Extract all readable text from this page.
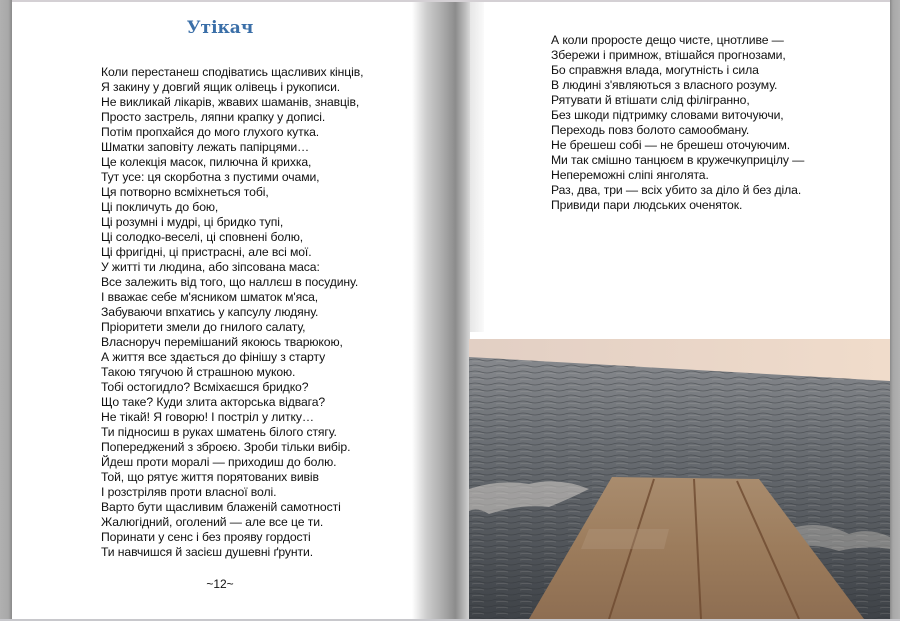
Утікач
Коли перестанеш сподіватись щасливих кінців,
Я закину у довгий ящик олівець і рукописи.
Не викликай лікарів, жвавих шаманів, знавців,
Просто застрель, ляпни крапку у дописі.
Потім пропхайся до мого глухого кутка.
Шматки заповіту лежать папірцями…
Це колекція масок, пилючна й крихка,
Тут усе: ця скорботна з пустими очами,
Ця потворно всміхнеться тобі,
Ці покличуть до бою,
Ці розумні і мудрі, ці бридко тупі,
Ці солодко-веселі, ці сповнені болю,
Ці фригідні, ці пристрасні, але всі мої.
У житті ти людина, або зіпсована маса:
Все залежить від того, що наллєш в посудину.
І вважає себе м'ясником шматок м'яса,
Забуваючи впхатись у капсулу людяну.
Пріоритети змели до гнилого салату,
Власноруч перемішаний якоюсь тварюкою,
А життя все здається до фінішу з старту
Такою тягучою й страшною мукою.
Тобі остогидло? Всміхаєшся бридко?
Що таке? Куди злита акторська відвага?
Не тікай! Я говорю! І постріл у литку…
Ти підносиш в руках шматень білого стягу.
Попереджений з зброєю. Зроби тільки вибір.
Йдеш проти моралі — приходиш до болю.
Той, що рятує життя порятованих вивів
І розстріляв проти власної волі.
Варто бути щасливим блаженій самотності
Жалюгідний, оголений — але все це ти.
Поринати у сенс і без прояву гордості
Ти навчишся й засієш душевні ґрунти.
~12~
А коли проросте дещо чисте, цнотливе —
Збережи і примнож, втішайся прогнозами,
Бо справжня влада, могутність і сила
В людині з'являються з власного розуму.
Рятувати й втішати слід філігранно,
Без шкоди підтримку словами виточуючи,
Переходь повз болото самообману.
Не брешеш собі — не брешеш оточуючим.
Ми так смішно танцюєм в кружечкуприцілу —
Непереможні сліпі янголята.
Раз, два, три — всіх убито за діло й без діла.
Привиди пари людських оченяток.
